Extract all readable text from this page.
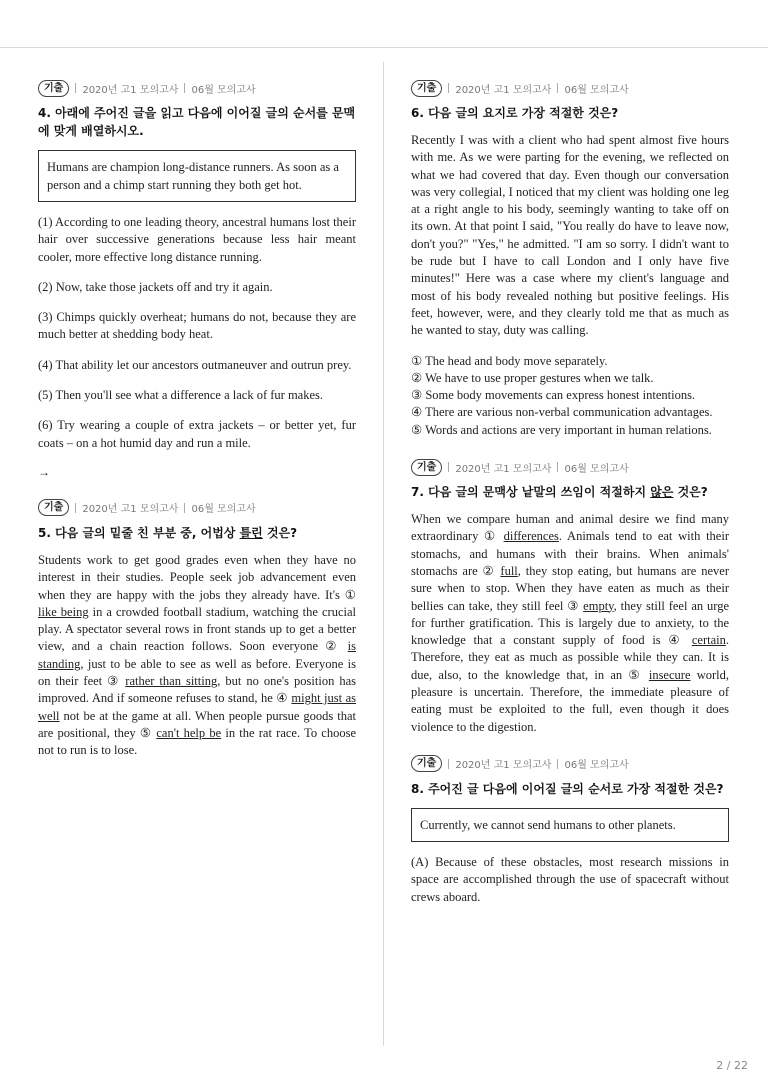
기출	2020년 고1 모의고사 06월 모의고사
4. 아래에 주어진 글을 읽고 다음에 이어질 글의 순서를 문맥에 맞게 배열하시오.
Humans are champion long-distance runners. As soon as a person and a chimp start running they both get hot.

(1) According to one leading theory, ancestral humans lost their hair over successive generations because less hair meant cooler, more effective long distance running.

(2) Now, take those jackets off and try it again.

(3) Chimps quickly overheat; humans do not, because they are much better at shedding body heat.

(4) That ability let our ancestors outmaneuver and outrun prey.

(5) Then you'll see what a difference a lack of fur makes.

(6) Try wearing a couple of extra jackets – or better yet, fur coats – on a hot humid day and run a mile.

→
기출	2020년 고1 모의고사 06월 모의고사
5. 다음 글의 밑줄 친 부분 중, 어법상 틀린 것은?

Students work to get good grades even when they have no interest in their studies. People seek job advancement even when they are happy with the jobs they already have. It's ① like being in a crowded football stadium, watching the crucial play. A spectator several rows in front stands up to get a better view, and a chain reaction follows. Soon everyone ② is standing, just to be able to see as well as before. Everyone is on their feet ③ rather than sitting, but no one's position has improved. And if someone refuses to stand, he ④ might just as well not be at the game at all. When people pursue goods that are positional, they ⑤ can't help be in the rat race. To choose not to run is to lose.

기출	2020년 고1 모의고사 06월 모의고사
6. 다음 글의 요지로 가장 적절한 것은?

Recently I was with a client who had spent almost five hours with me. As we were parting for the evening, we reflected on what we had covered that day. Even though our conversation was very collegial, I noticed that my client was holding one leg at a right angle to his body, seemingly wanting to take off on its own. At that point I said, "You really do have to leave now, don't you?" "Yes," he admitted. "I am so sorry. I didn't want to be rude but I have to call London and I only have five minutes!" Here was a case where my client's language and most of his body revealed nothing but positive feelings. His feet, however, were, and they clearly told me that as much as he wanted to stay, duty was calling.

① The head and body move separately.
② We have to use proper gestures when we talk.
③ Some body movements can express honest intentions.
④ There are various non-verbal communication advantages.
⑤ Words and actions are very important in human relations.
기출	2020년 고1 모의고사 06월 모의고사
7. 다음 글의 문맥상 낱말의 쓰임이 적절하지 않은 것은?

When we compare human and animal desire we find many extraordinary ① differences. Animals tend to eat with their stomachs, and humans with their brains. When animals' stomachs are ② full, they stop eating, but humans are never sure when to stop. When they have eaten as much as their bellies can take, they still feel ③ empty, they still feel an urge for further gratification. This is largely due to anxiety, to the knowledge that a constant supply of food is ④ certain. Therefore, they eat as much as possible while they can. It is due, also, to the knowledge that, in an ⑤ insecure world, pleasure is uncertain. Therefore, the immediate pleasure of eating must be exploited to the full, even though it does violence to the digestion.

기출	2020년 고1 모의고사 06월 모의고사
8. 주어진 글 다음에 이어질 글의 순서로 가장 적절한 것은?
Currently, we cannot send humans to other planets.

(A) Because of these obstacles, most research missions in space are accomplished through the use of spacecraft without crews aboard.

2 / 22
